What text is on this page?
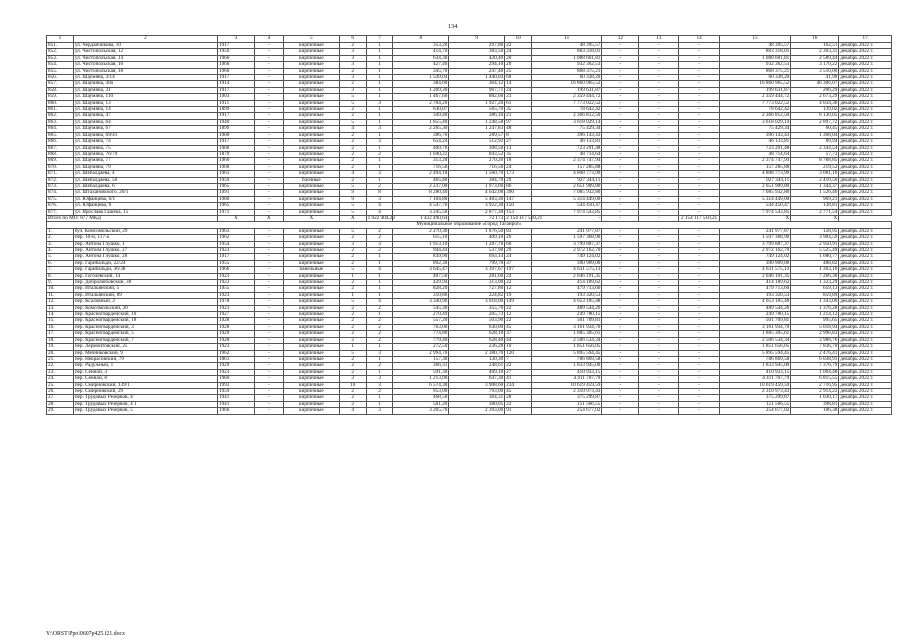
134
1	2	3	4	5	6	7	8	9	10	11	12	13	14	15	16	17
851.	ул. Черданчикова, 10	1917	-	кирпичные	2	1	353,20	297,80	22	48 395,57	-	-	-	48 395,57	162,51	декабрь 2022 г.
852.	ул. Чистопольская, 12	1959	-	кирпичные	3	1	414,70	383,50	24	883 318,01	-	-	-	883 318,01	2 303,31	декабрь 2022 г.
853.	ул. Чистопольская, 14	1960	-	кирпичные	3	1	634,30	420,40	20	1 088 601,81	-	-	-	1 088 601,81	2 589,44	декабрь 2022 г.
854.	ул. Чистопольская, 16	1960	-	кирпичные	3	1	427,40	294,10	20	932 362,53	-	-	-	932 362,53	3 170,22	декабрь 2022 г.
855.	ул. Чистопольская, 18	1960	-	кирпичные	2	1	345,70	247,40	25	868 375,21	-	-	-	868 375,21	3 510,00	декабрь 2022 г.
856.	ул. Шаумяна, 3/14	1917	-	кирпичные	3	1	1 549,04	1 440,04	68	60 338,20	-	-	-	60 338,20	41,90	декабрь 2022 г.
857.	ул. Шаумяна, 30а	1914	-	кирпичные	2	1	384,60	364,12	14	16 860 965,52	-	-	-	16 860 965,52	46 306,07	декабрь 2022 г.
858.	ул. Шаумяна, 31	1917	-	кирпичные	3	1	1 209,30	967,71	24	199 631,87	-	-	-	199 631,87	206,29	декабрь 2022 г.
859.	ул. Шаумяна, 110	1903	-	кирпичные	5	1	1 467,60	882,60	23	2 359 444,72	-	-	-	2 359 444,72	2 673,29	декабрь 2022 г.
860.	ул. Шаумяна, 13	1911	-	кирпичные	5	3	2 704,20	1 927,20	61	7 773 022,52	-	-	-	7 773 022,52	4 034,36	декабрь 2022 г.
861.	ул. Шаумяна, 14	1899	-	кирпичные	2	1	630,07	565,70	35	78 642,42	-	-	-	78 642,42	139,02	декабрь 2022 г.
862.	ул. Шаумяна, 47	1917	-	кирпичные	2	1	349,40	386,10	21	2 366 812,50	-	-	-	2 366 812,50	6 130,05	декабрь 2022 г.
863.	ул. Шаумяна, 64	1940	-	кирпичные	5	1	1 855,40	1 248,58	97	3 618 029,14	-	-	-	3 618 029,14	2 897,72	декабрь 2022 г.
864.	ул. Шаумяна, 67	1899	-	кирпичные	4	3	2 265,30	1 247,83	48	75 429,34	-	-	-	75 429,34	60,45	декабрь 2022 г.
865.	ул. Шаумяна, 69/41	1900	-	кирпичные	2	1	386,70	289,57	8	396 143,43	-	-	-	396 143,43	1 368,04	декабрь 2022 г.
866.	ул. Шаумяна, 74	1917	-	кирпичные	2	3	654,24	512,92	27	46 133,81	-	-	-	46 133,81	89,94	декабрь 2022 г.
867.	ул. Шаумяна, 75	1900	-	кирпичные	2	1	409,70	308,50	13	723 291,48	-	-	-	723 291,48	2 344,54	декабрь 2022 г.
868.	ул. Шаумяна, 76/79	1879	-	кирпичные	2	2	1 040,22	843,52	35	48 714,64	-	-	-	48 714,64	57,73	декабрь 2022 г.
869.	ул. Шаумяна, 77	1960	-	кирпичные	2	1	313,20	270,20	18	2 374 747,94	-	-	-	2 374 747,94	8 788,85	декабрь 2022 г.
870.	ул. Шаумяна, 79	1900	-	кирпичные	2	1	716,50	716,50	24	157 285,88	-	-	-	157 285,88	219,52	декабрь 2022 г.
871.	ул. Шебалдаева, 4	1963	-	кирпичные	4	3	2 494,18	1 560,70	173	4 808 773,99	-	-	-	4 808 773,99	3 081,16	декабрь 2022 г.
872.	ул. Шебалдаева, 50	1959	-	блочные	2	1	465,40	384,70	29	927 344,11	-	-	-	927 344,11	2 410,56	декабрь 2022 г.
873.	ул. Шебалдаева, 6	1965	-	кирпичные	5	2	2 237,00	1 973,60	86	2 651 909,80	-	-	-	2 651 909,80	1 344,37	декабрь 2022 г.
874.	ул. Штахановского, 20/1	1991	-	кирпичные	9	8	8 280,40	4 642,08	390	7 085 932,80	-	-	-	7 085 932,80	1 526,46	декабрь 2022 г.
875.	ул. Юфанцева, 6/1	1980	-	кирпичные	9	3	7 104,80	5 483,30	147	5 314 449,00	-	-	-	5 314 449,00	969,21	декабрь 2022 г.
876.	ул. Юфанцева, 8	1965	-	кирпичные	5	4	4 547,70	3 922,30	150	544 450,47	-	-	-	544 450,47	138,81	декабрь 2022 г.
877.	ул. Ярослава Гашека, 15	1971	-	кирпичные	5	4	3 245,50	2 877,30	153	7 974 543,85	-	-	-	7 974 543,85	2 771,54	декабрь 2022 г.
Итого по МО: 877 МКД		X	X	X	X	1 922 404,23	1 432 490,64	72 173	2 154 117 510,21	-	-	-	2 154 117 510,21	X	X	
Муниципальное образование «Город Таганрог»																
1.	бул. Комсомольский, 29	1963	-	кирпичные	5	2	2 270,30	1 876,50	83	241 977,87	-	-	-	241 977,87	128,95	декабрь 2022 г.
2.	пер. 10-й, 117-а	1962	-	кирпичные	2	2	615,10	409,10	26	1 597 368,90	-	-	-	1 597 368,90	3 904,59	декабрь 2022 г.
3.	пер. Антона Глушко, 1	1954	-	кирпичные	3	3	1 913,10	1 287,70	60	3 799 887,37	-	-	-	3 799 887,37	2 950,91	декабрь 2022 г.
4.	пер. Антона Глушко, 27	1923	-	кирпичные	2	2	944,44	537,90	29	2 972 162,70	-	-	-	2 972 162,70	5 525,49	декабрь 2022 г.
5.	пер. Антона Глушко, 28	1917	-	кирпичные	2	1	839,90	693,14	24	749 124,02	-	-	-	749 124,02	1 080,77	декабрь 2022 г.
6.	пер. Гарибальди, 22/24	1955	-	кирпичные	2	1	892,30	799,70	37	390 909,00	-	-	-	390 909,00	488,82	декабрь 2022 г.
7.	пер. Гарибальди, 36/38	1960	-	панельные	5	4	3 645,47	3 397,67	197	4 631 575,13	-	-	-	4 631 575,13	1 363,16	декабрь 2022 г.
8.	пер. Гоголевский, 14	1923	-	кирпичные	1	1	407,50	281,60	24	2 046 191,35	-	-	-	2 046 191,35	7 266,30	декабрь 2022 г.
9.	пер. Добролюбовский, 38	1923	-	кирпичные	2	1	429,94	313,00	22	414 189,62	-	-	-	414 189,62	1 323,29	декабрь 2022 г.
10.	пер. Итальянский, 5	1955	-	кирпичные	2	1	828,20	727,80	12	479 713,60	-	-	-	479 713,60	659,13	декабрь 2022 г.
11.	пер. Итальянский, 89	1923	-	кирпичные	1	1	310,80	224,82	19	193 320,53	-	-	-	193 320,53	859,89	декабрь 2022 г.
12.	пер. Ксаловный, 2	1978	-	кирпичные	5	4	3 340,90	3 018,00	149	4 053 185,48	-	-	-	4 053 185,48	1 343,00	декабрь 2022 г.
13.	пер. Комсомольский, 20	1923	-	кирпичные	2	2	545,30	355,70	22	489 544,26	-	-	-	489 544,26	1 376,28	декабрь 2022 г.
14.	пер. Красногвардейский, 10	1927	-	кирпичные	2	1	270,49	205,73	12	249 780,15	-	-	-	249 780,15	1 214,12	декабрь 2022 г.
15.	пер. Красногвардейский, 18	1928	-	кирпичные	2	2	557,20	503,90	22	501 709,81	-	-	-	501 709,81	995,65	декабрь 2022 г.
16.	пер. Красногвардейский, 3	1928	-	кирпичные	2	2	763,00	630,00	45	3 161 934,70	-	-	-	3 161 934,70	5 018,94	декабрь 2022 г.
17.	пер. Красногвардейский, 5	1929	-	кирпичные	2	2	774,80	628,10	37	1 885 305,61	-	-	-	1 885 305,61	2 996,83	декабрь 2022 г.
18.	пер. Красногвардейский, 7	1928	-	кирпичные	2	2	779,40	628,40	44	2 506 534,34	-	-	-	2 506 534,34	3 988,76	декабрь 2022 г.
19.	пер. Лермонтовский, 25	1923	-	кирпичные	1	1	272,50	236,28	10	1 851 656,05	-	-	-	1 851 656,05	7 836,70	декабрь 2022 г.
20.	пер. Мечниковский, 9	1962	-	кирпичные	5	3	2 994,70	2 380,70	120	5 895 594,45	-	-	-	5 895 594,45	2 476,41	декабрь 2022 г.
21.	пер. Некрасовский, 79	1861	-	кирпичные	2	1	157,30	130,30	7	786 869,58	-	-	-	786 869,58	6 038,91	декабрь 2022 г.
22.	пер. Радужный, 1	1929	-	кирпичные	2	2	366,31	248,61	22	1 833 945,00	-	-	-	1 833 945,00	7 376,79	декабрь 2022 г.
23.	пер. Сенной, 3	1923	-	кирпичные	2	1	591,30	409,10	27	410 933,15	-	-	-	410 933,15	1 004,48	декабрь 2022 г.
24.	пер. Сенной, 8	1960	-	кирпичные	3	3	1 213,00	647,30	41	4 411 707,79	-	-	-	4 411 707,79	6 815,55	декабрь 2022 г.
25.	пер. Смирновский, 139/1	1993	-	кирпичные	10	3	6 574,30	3 908,60	234	10 619 459,59	-	-	-	10 619 459,59	2 716,95	декабрь 2022 г.
26.	пер. Смирновский, 29	1959	-	кирпичные	2	2	953,00	793,00	45	2 310 973,43	-	-	-	2 310 973,43	2 914,22	декабрь 2022 г.
27.	пер. Трудовых Резервов, 4	1941	-	кирпичные	2	1	468,50	364,31	28	375 299,87	-	-	-	375 299,87	1 030,17	декабрь 2022 г.
28.	пер. Трудовых Резервов, 4 1	1941	-	кирпичные	2	1	501,20	380,05	22	151 566,55	-	-	-	151 566,55	398,81	декабрь 2022 г.
29.	пер. Трудовых Резервов, 5	1960	-	кирпичные	4	3	3 265,70	2 393,00	91	254 677,02	-	-	-	254 677,02	106,38	декабрь 2022 г.
Y:\ORST\Ppo\0607p425.f21.docx
